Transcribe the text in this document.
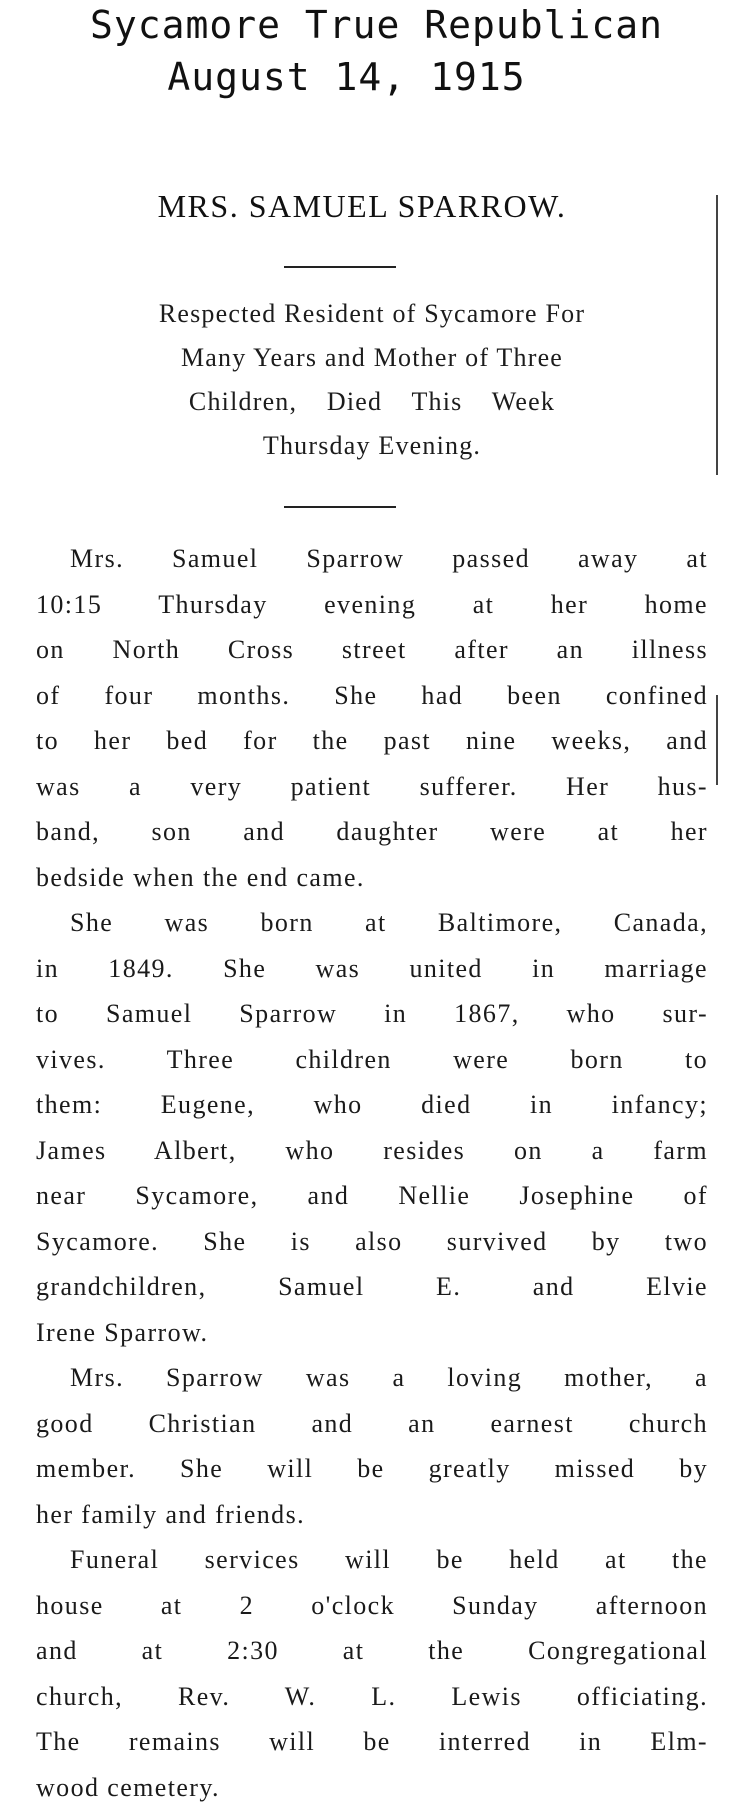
Sycamore True Republican
August 14, 1915
MRS. SAMUEL SPARROW.
Respected Resident of Sycamore For
Many Years and Mother of Three
Children, Died This Week
Thursday Evening.
Mrs. Samuel Sparrow passed away at
10:15 Thursday evening at her home
on North Cross street after an illness
of four months. She had been confined
to her bed for the past nine weeks, and
was a very patient sufferer. Her hus-
band, son and daughter were at her
bedside when the end came.
She was born at Baltimore, Canada,
in 1849. She was united in marriage
to Samuel Sparrow in 1867, who sur-
vives. Three children were born to
them: Eugene, who died in infancy;
James Albert, who resides on a farm
near Sycamore, and Nellie Josephine of
Sycamore. She is also survived by two
grandchildren, Samuel E. and Elvie
Irene Sparrow.
Mrs. Sparrow was a loving mother, a
good Christian and an earnest church
member. She will be greatly missed by
her family and friends.
Funeral services will be held at the
house at 2 o'clock Sunday afternoon
and at 2:30 at the Congregational
church, Rev. W. L. Lewis officiating.
The remains will be interred in Elm-
wood cemetery.
